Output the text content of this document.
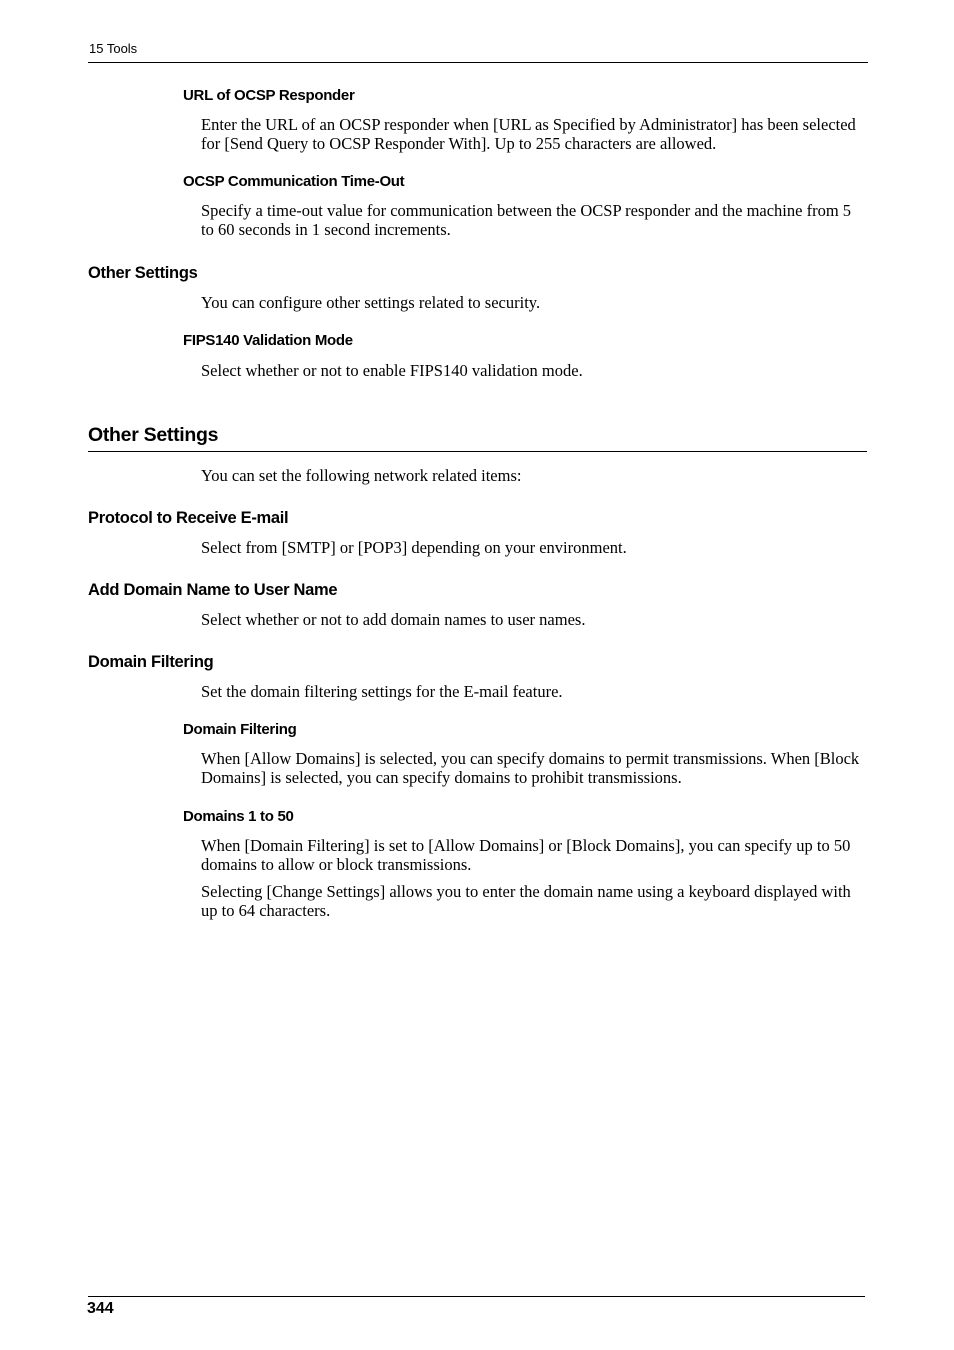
15 Tools
URL of OCSP Responder

Enter the URL of an OCSP responder when [URL as Specified by Administrator] has been selected for [Send Query to OCSP Responder With]. Up to 255 characters are allowed.

OCSP Communication Time-Out

Specify a time-out value for communication between the OCSP responder and the machine from 5 to 60 seconds in 1 second increments.

Other Settings

You can configure other settings related to security.

FIPS140 Validation Mode

Select whether or not to enable FIPS140 validation mode.

Other Settings

You can set the following network related items:

Protocol to Receive E-mail

Select from [SMTP] or [POP3] depending on your environment.

Add Domain Name to User Name

Select whether or not to add domain names to user names.

Domain Filtering

Set the domain filtering settings for the E-mail feature.

Domain Filtering

When [Allow Domains] is selected, you can specify domains to permit transmissions. When [Block Domains] is selected, you can specify domains to prohibit transmissions.

Domains 1 to 50

When [Domain Filtering] is set to [Allow Domains] or [Block Domains], you can specify up to 50 domains to allow or block transmissions.

Selecting [Change Settings] allows you to enter the domain name using a keyboard displayed with up to 64 characters.

344
